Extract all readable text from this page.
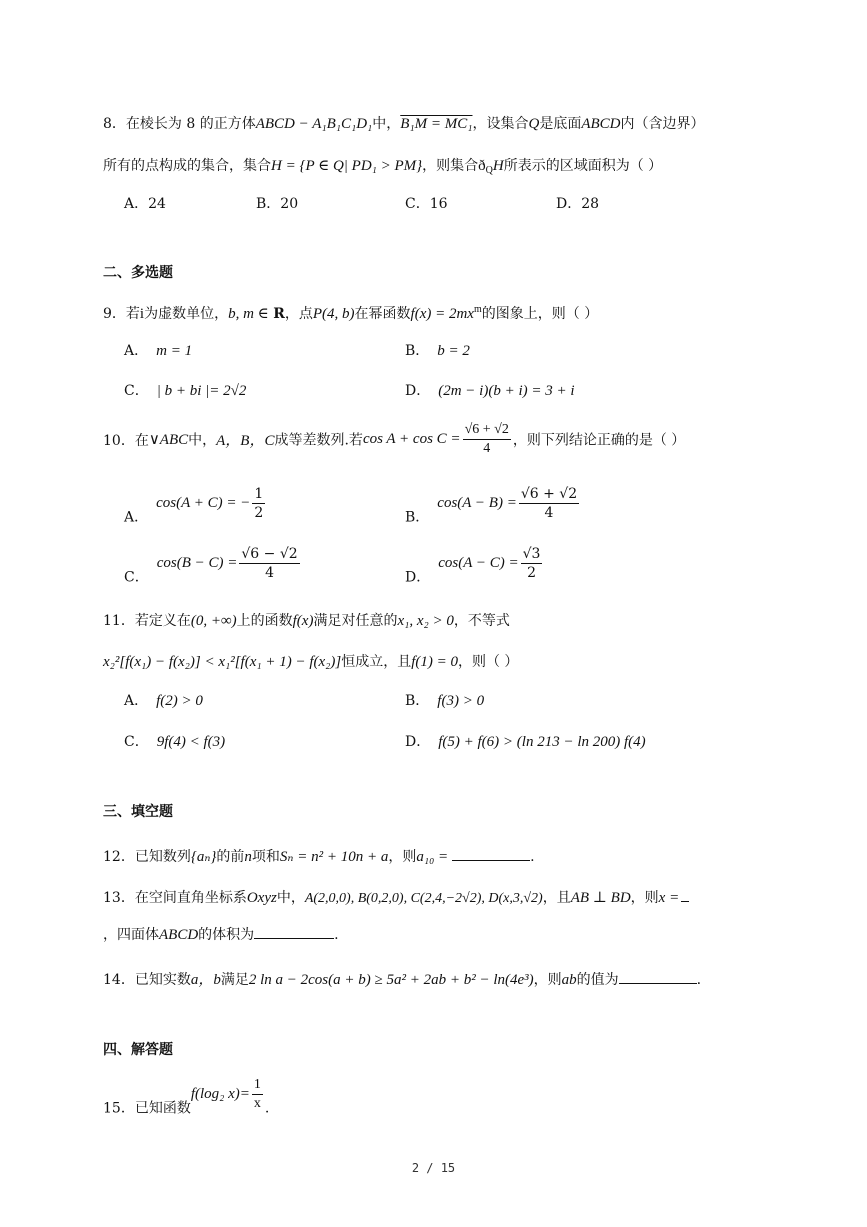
8．在棱长为 8 的正方体ABCD − A₁B₁C₁D₁中，B₁M = MC₁，设集合Q是底面ABCD内（含边界）
所有的点构成的集合，集合H = {P ∈ Q| PD₁ > PM}，则集合$ð_QH$所表示的区域面积为（ ）
A．24	B．20	C．16	D．28
二、多选题
9．若i为虚数单位，b, m ∈ R，点P(4, b)在幂函数$f(x) = 2mx^m$的图象上，则（ ）
A． m = 1	B． b = 2
C． | b + bi |= 2√2	D． (2m − i)(b + i) = 3 + i
10．在∨ABC中，A，B，C成等差数列.若$\cos A + \cos C = \frac{√6 + √2}{4}$ ，则下列结论正确的是（ ）
A．cos(A + C) = − $\frac{1}{2}$	B．$\cos(A - B) = \frac{√6 + √2}{4}$
C．$\cos(B - C) = \frac{√6 - √2}{4}$	D．$\cos(A - C) = \frac{√3}{2}$
11．若定义在(0, +∞)上的函数f(x)满足对任意的x₁, x₂ > 0，不等式
x₂²[f(x₁) − f(x₂)] < x₁²[f(x₁ + 1) − f(x₂)]恒成立，且f(1) = 0，则（ ）
A． f(2) > 0	B． f(3) > 0
C． 9f(4) < f(3)	D． f(5) + f(6) > (ln 213 − ln 200) f(4)
三、填空题
12．已知数列{aₙ}的前n项和Sₙ = n² + 10n + a，则a₁₀ =	.
13．在空间直角坐标系Oxyz中，A(2,0,0), B(0,2,0), C(2,4,−2√2), D(x,3,√2)，且AB ⊥ BD，则x =
，四面体ABCD的体积为	.
14．已知实数a，b满足2 ln a − 2cos(a + b) ≥ 5a² + 2ab + b² − ln(4e³)，则ab的值为	.
四、解答题
15．已知函数f(log₂ $x)= \frac{1}{x}$ .
2 / 15
